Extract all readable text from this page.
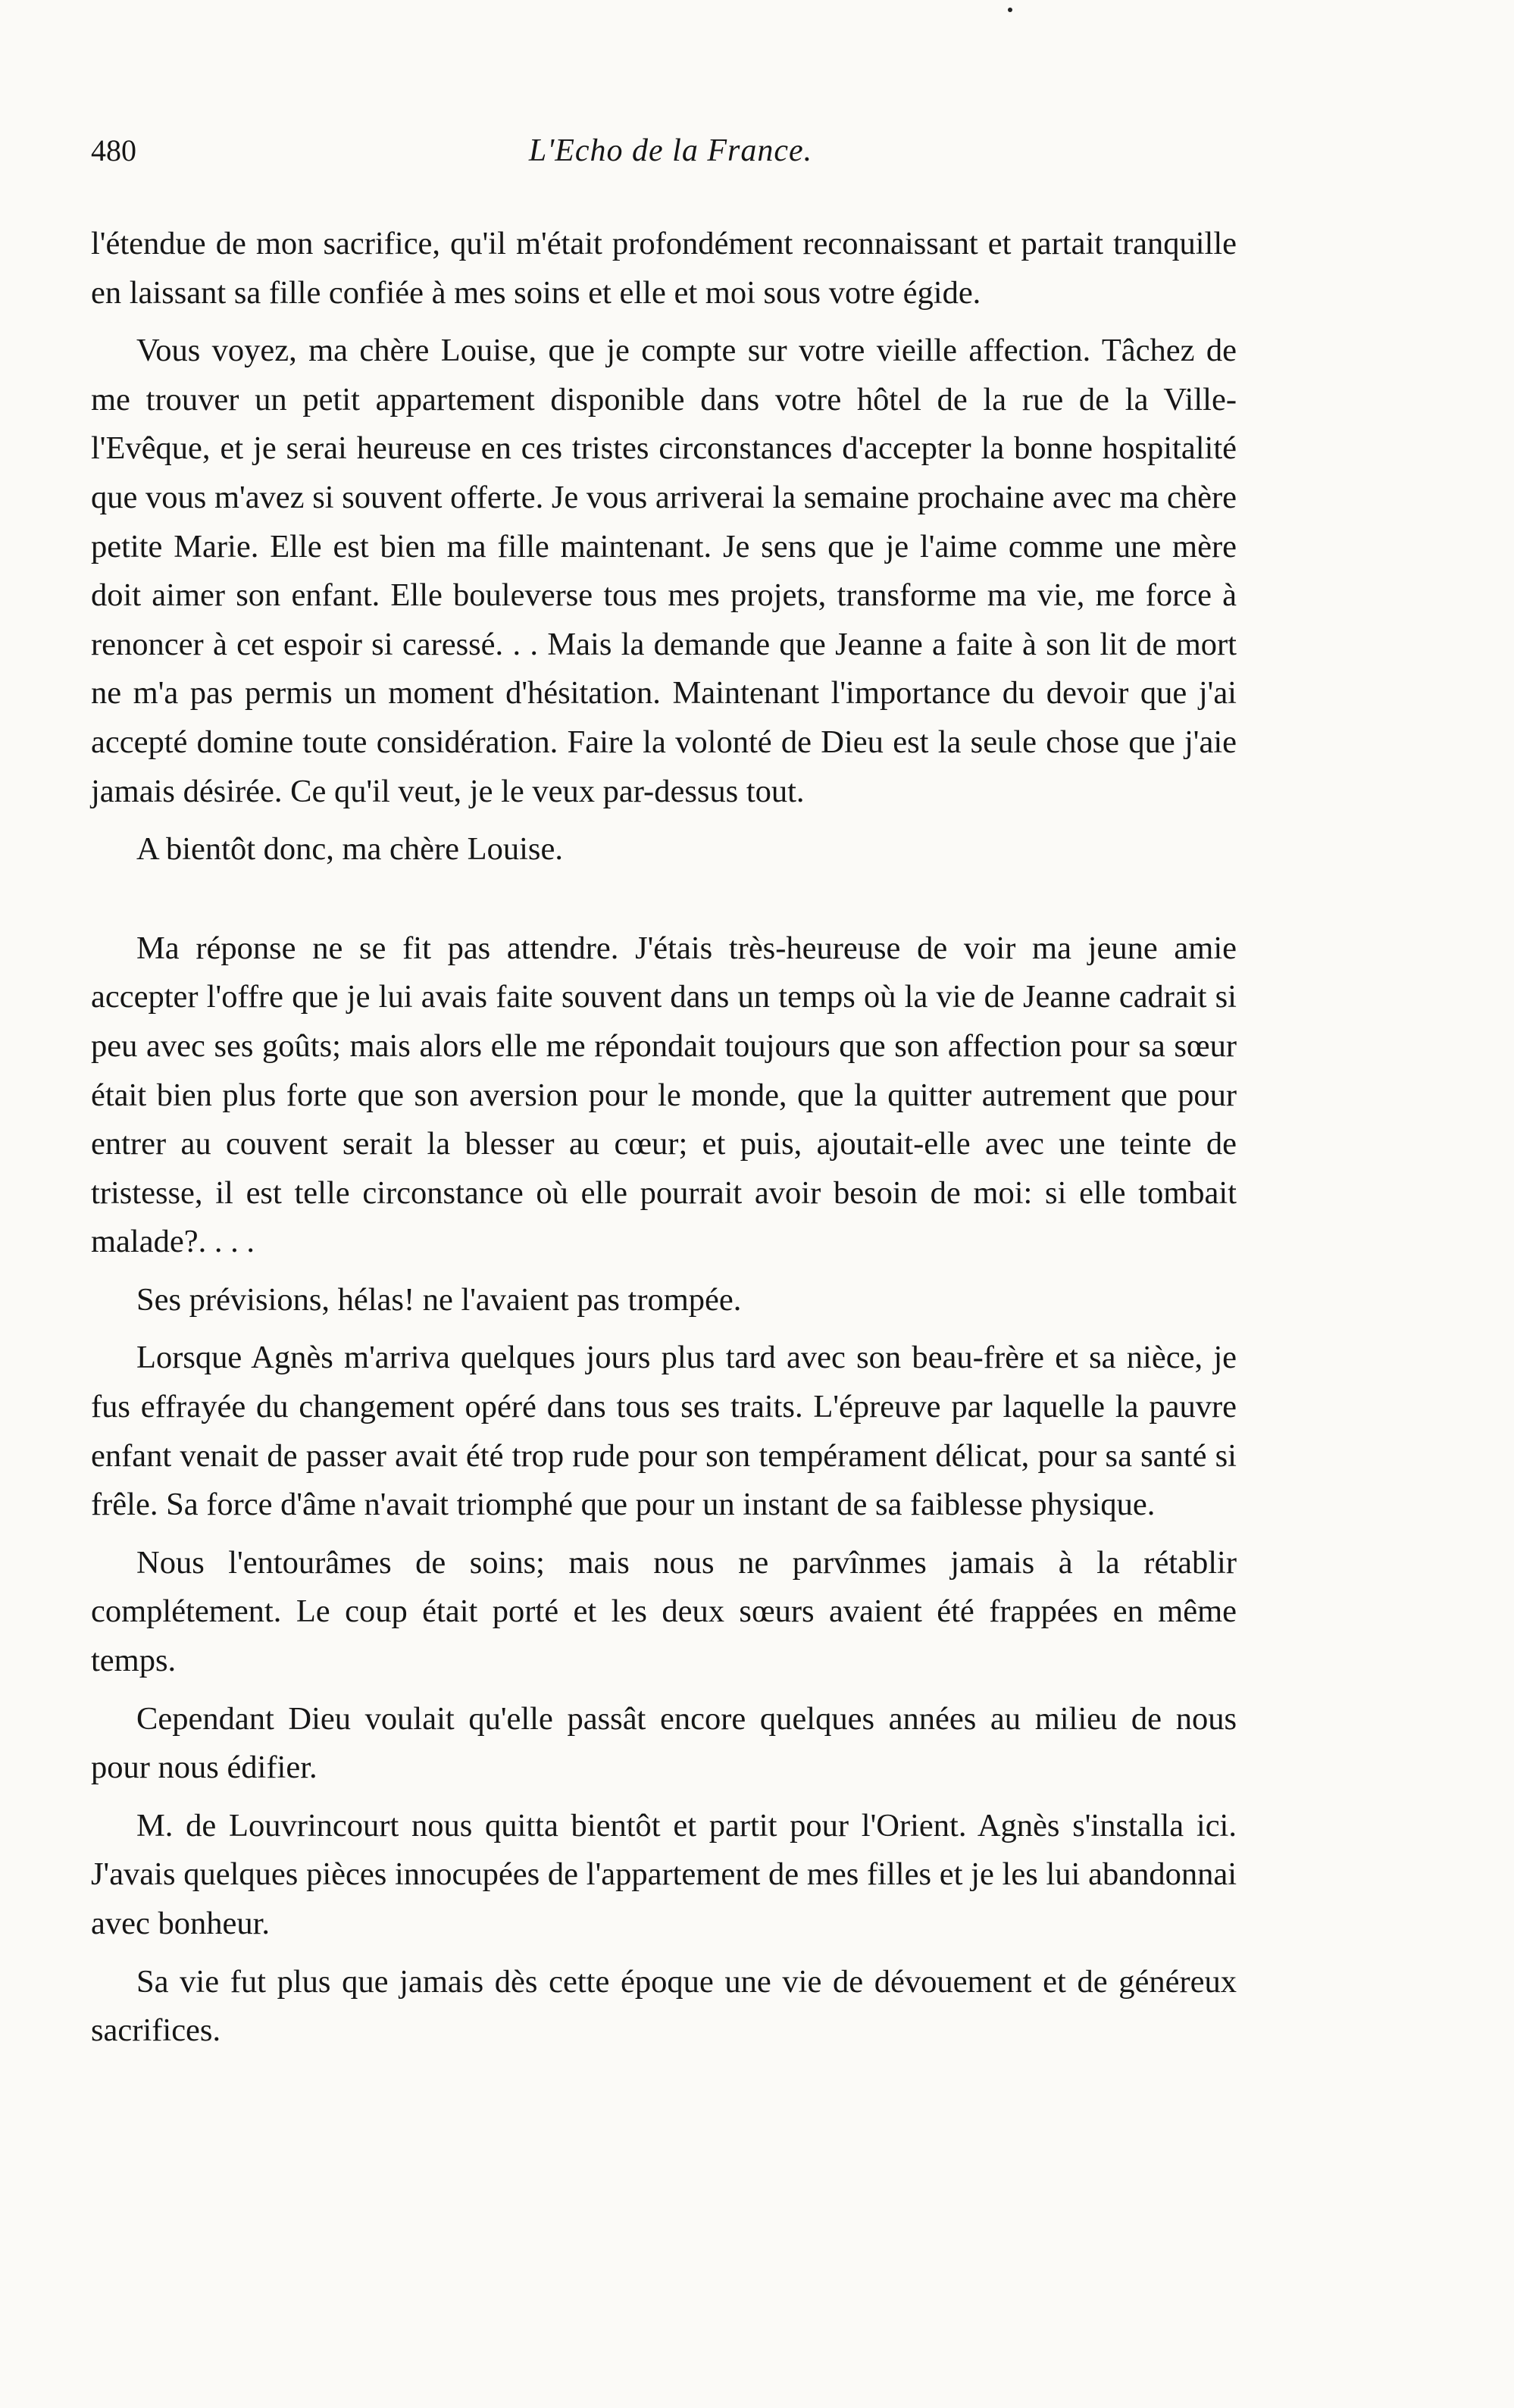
480	L'Echo de la France.

l'étendue de mon sacrifice, qu'il m'était profondément reconnaissant et partait tranquille en laissant sa fille confiée à mes soins et elle et moi sous votre égide.

Vous voyez, ma chère Louise, que je compte sur votre vieille affection. Tâchez de me trouver un petit appartement disponible dans votre hôtel de la rue de la Ville-l'Evêque, et je serai heureuse en ces tristes circonstances d'accepter la bonne hospitalité que vous m'avez si souvent offerte. Je vous arriverai la semaine prochaine avec ma chère petite Marie. Elle est bien ma fille maintenant. Je sens que je l'aime comme une mère doit aimer son enfant. Elle bouleverse tous mes projets, transforme ma vie, me force à renoncer à cet espoir si caressé. . . Mais la demande que Jeanne a faite à son lit de mort ne m'a pas permis un moment d'hésitation. Maintenant l'importance du devoir que j'ai accepté domine toute considération. Faire la volonté de Dieu est la seule chose que j'aie jamais désirée. Ce qu'il veut, je le veux par-dessus tout.

A bientôt donc, ma chère Louise.

Ma réponse ne se fit pas attendre. J'étais très-heureuse de voir ma jeune amie accepter l'offre que je lui avais faite souvent dans un temps où la vie de Jeanne cadrait si peu avec ses goûts; mais alors elle me répondait toujours que son affection pour sa sœur était bien plus forte que son aversion pour le monde, que la quitter autrement que pour entrer au couvent serait la blesser au cœur; et puis, ajoutait-elle avec une teinte de tristesse, il est telle circonstance où elle pourrait avoir besoin de moi: si elle tombait malade?. . . .

Ses prévisions, hélas! ne l'avaient pas trompée.

Lorsque Agnès m'arriva quelques jours plus tard avec son beau-frère et sa nièce, je fus effrayée du changement opéré dans tous ses traits. L'épreuve par laquelle la pauvre enfant venait de passer avait été trop rude pour son tempérament délicat, pour sa santé si frêle. Sa force d'âme n'avait triomphé que pour un instant de sa faiblesse physique.

Nous l'entourâmes de soins; mais nous ne parvînmes jamais à la rétablir complétement. Le coup était porté et les deux sœurs avaient été frappées en même temps.

Cependant Dieu voulait qu'elle passât encore quelques années au milieu de nous pour nous édifier.

M. de Louvrincourt nous quitta bientôt et partit pour l'Orient. Agnès s'installa ici. J'avais quelques pièces innocupées de l'appartement de mes filles et je les lui abandonnai avec bonheur.

Sa vie fut plus que jamais dès cette époque une vie de dévouement et de généreux sacrifices.
